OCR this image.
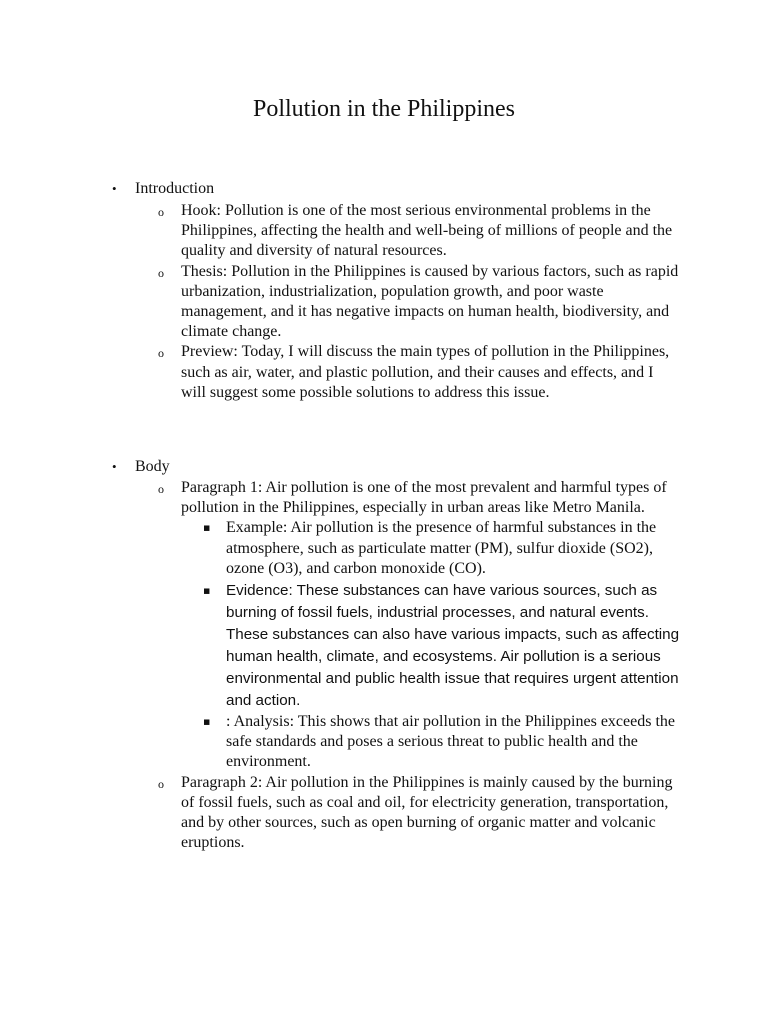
Pollution in the Philippines
• Introduction
o Hook: Pollution is one of the most serious environmental problems in the Philippines, affecting the health and well-being of millions of people and the quality and diversity of natural resources.
o Thesis: Pollution in the Philippines is caused by various factors, such as rapid urbanization, industrialization, population growth, and poor waste management, and it has negative impacts on human health, biodiversity, and climate change.
o Preview: Today, I will discuss the main types of pollution in the Philippines, such as air, water, and plastic pollution, and their causes and effects, and I will suggest some possible solutions to address this issue.
• Body
o Paragraph 1: Air pollution is one of the most prevalent and harmful types of pollution in the Philippines, especially in urban areas like Metro Manila.
▪ Example: Air pollution is the presence of harmful substances in the atmosphere, such as particulate matter (PM), sulfur dioxide (SO2), ozone (O3), and carbon monoxide (CO).
▪ Evidence: These substances can have various sources, such as burning of fossil fuels, industrial processes, and natural events. These substances can also have various impacts, such as affecting human health, climate, and ecosystems. Air pollution is a serious environmental and public health issue that requires urgent attention and action.
▪ : Analysis: This shows that air pollution in the Philippines exceeds the safe standards and poses a serious threat to public health and the environment.
o Paragraph 2: Air pollution in the Philippines is mainly caused by the burning of fossil fuels, such as coal and oil, for electricity generation, transportation, and by other sources, such as open burning of organic matter and volcanic eruptions.
